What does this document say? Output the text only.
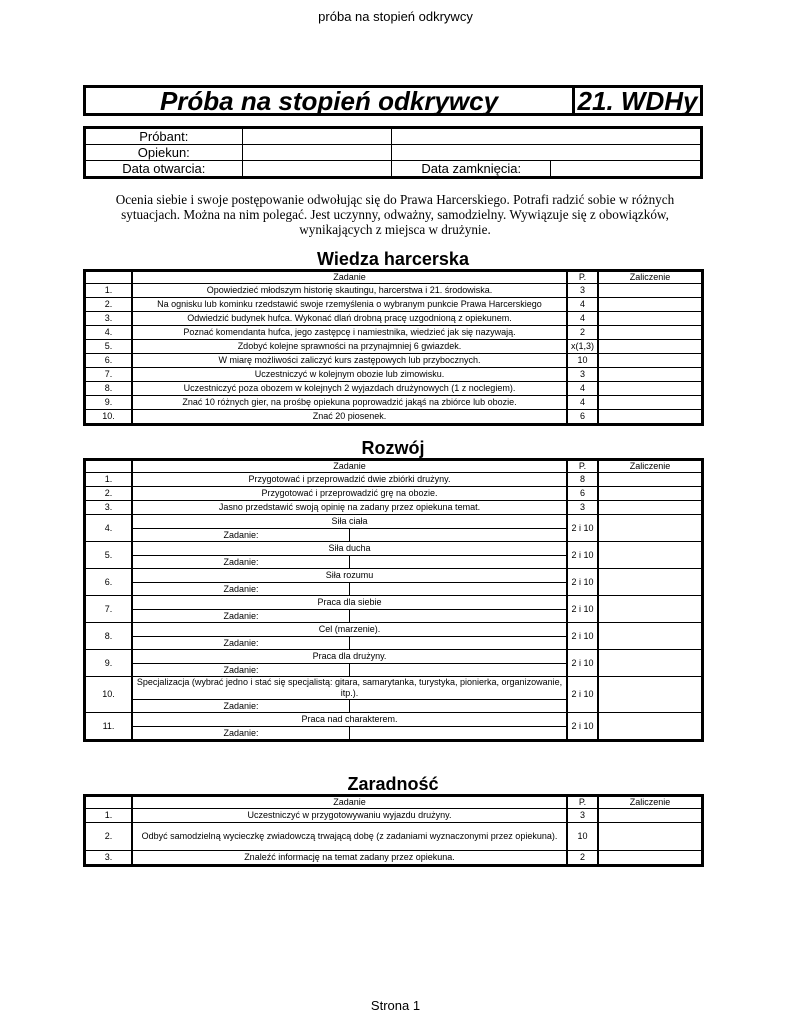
próba na stopień odkrywcy
Próba na stopień odkrywcy	21. WDHy
Próbant:			
Opiekun:			
Data otwarcia:		Data zamknięcia:	
Ocenia siebie i swoje postępowanie odwołując się do Prawa Harcerskiego. Potrafi radzić sobie w różnych sytuacjach. Można na nim polegać. Jest uczynny, odważny, samodzielny. Wywiązuje się z obowiązków, wynikających z miejsca w drużynie.
Wiedza harcerska
	Zadanie	P.	Zaliczenie
1.	Opowiedzieć młodszym historię skautingu, harcerstwa i 21. środowiska.	3	
2.	Na ognisku lub kominku rzedstawić swoje rzemyślenia o wybranym punkcie Prawa Harcerskiego	4	
3.	Odwiedzić budynek hufca. Wykonać dlań drobną pracę uzgodnioną z opiekunem.	4	
4.	Poznać komendanta hufca, jego zastępcę i namiestnika, wiedzieć jak się nazywają.	2	
5.	Zdobyć kolejne sprawności na przynajmniej 6 gwiazdek.	x(1,3)	
6.	W miarę możliwości zaliczyć kurs zastępowych lub przybocznych.	10	
7.	Uczestniczyć w kolejnym obozie lub zimowisku.	3	
8.	Uczestniczyć poza obozem w kolejnych 2 wyjazdach drużynowych (1 z noclegiem).	4	
9.	Znać 10 różnych gier, na prośbę opiekuna poprowadzić jakąś na zbiórce lub obozie.	4	
10.	Znać 20 piosenek.	6	
Rozwój
	Zadanie		P.	Zaliczenie
1.	Przygotować i przeprowadzić dwie zbiórki drużyny.		8	
2.	Przygotować i przeprowadzić grę na obozie.		6	
3.	Jasno przedstawić swoją opinię na zadany przez opiekuna temat.		3	
4.	Siła ciała		2 i 10	
	Zadanie:			
5.	Siła ducha		2 i 10	
	Zadanie:			
6.	Siła rozumu		2 i 10	
	Zadanie:			
7.	Praca dla siebie		2 i 10	
	Zadanie:			
8.	Cel (marzenie).		2 i 10	
	Zadanie:			
9.	Praca dla drużyny.		2 i 10	
	Zadanie:			
10.	Specjalizacja (wybrać jedno i stać się specjalistą: gitara, samarytanka, turystyka, pionierka, organizowanie, itp.).		2 i 10	
	Zadanie:			
11.	Praca nad charakterem.		2 i 10	
	Zadanie:			
Zaradność
	Zadanie	P.	Zaliczenie
1.	Uczestniczyć w przygotowywaniu wyjazdu drużyny.	3	
2.	Odbyć samodzielną wycieczkę zwiadowczą trwającą dobę (z zadaniami wyznaczonymi przez opiekuna).	10	
3.	Znaleźć informację na temat zadany przez opiekuna.	2	
Strona 1
